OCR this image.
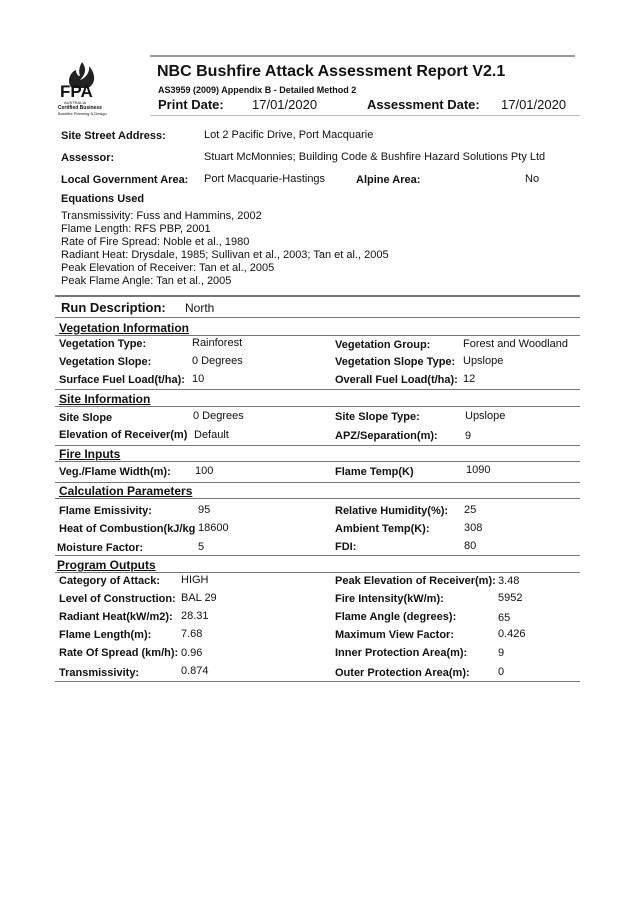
FPA
AUSTRALIA
Certified Business
Bushfire Planning & Design
NBC Bushfire Attack Assessment Report V2.1
AS3959 (2009) Appendix B - Detailed Method 2
Print Date: 17/01/2020	Assessment Date: 17/01/2020
Site Street Address:	Lot 2 Pacific Drive, Port Macquarie
Assessor:	Stuart McMonnies; Building Code & Bushfire Hazard Solutions Pty Ltd
Local Government Area: Port Macquarie-Hastings	Alpine Area:	No
Equations Used
Transmissivity: Fuss and Hammins, 2002
Flame Length: RFS PBP, 2001
Rate of Fire Spread: Noble et al., 1980
Radiant Heat: Drysdale, 1985; Sullivan et al., 2003; Tan et al., 2005
Peak Elevation of Receiver: Tan et al., 2005
Peak Flame Angle: Tan et al., 2005
Run Description: North
Vegetation Information
Vegetation Type:	Rainforest	Vegetation Group:	Forest and Woodland
Vegetation Slope:	0 Degrees	Vegetation Slope Type: Upslope
Surface Fuel Load(t/ha): 10	Overall Fuel Load(t/ha): 12
Site Information
Site Slope	0 Degrees	Site Slope Type:	Upslope
Elevation of Receiver(m) Default	APZ/Separation(m): 9
Fire Inputs
Veg./Flame Width(m): 100	Flame Temp(K)	1090
Calculation Parameters
Flame Emissivity:	95	Relative Humidity(%): 25
Heat of Combustion(kJ/kg 18600	Ambient Temp(K):	308
Moisture Factor:	5	FDI:	80
Program Outputs
Category of Attack: HIGH	Peak Elevation of Receiver(m): 3.48
Level of Construction: BAL 29	Fire Intensity(kW/m):	5952
Radiant Heat(kW/m2): 28.31	Flame Angle (degrees):	65
Flame Length(m):	7.68	Maximum View Factor:	0.426
Rate Of Spread (km/h): 0.96	Inner Protection Area(m):	9
Transmissivity:	0.874	Outer Protection Area(m):	0
